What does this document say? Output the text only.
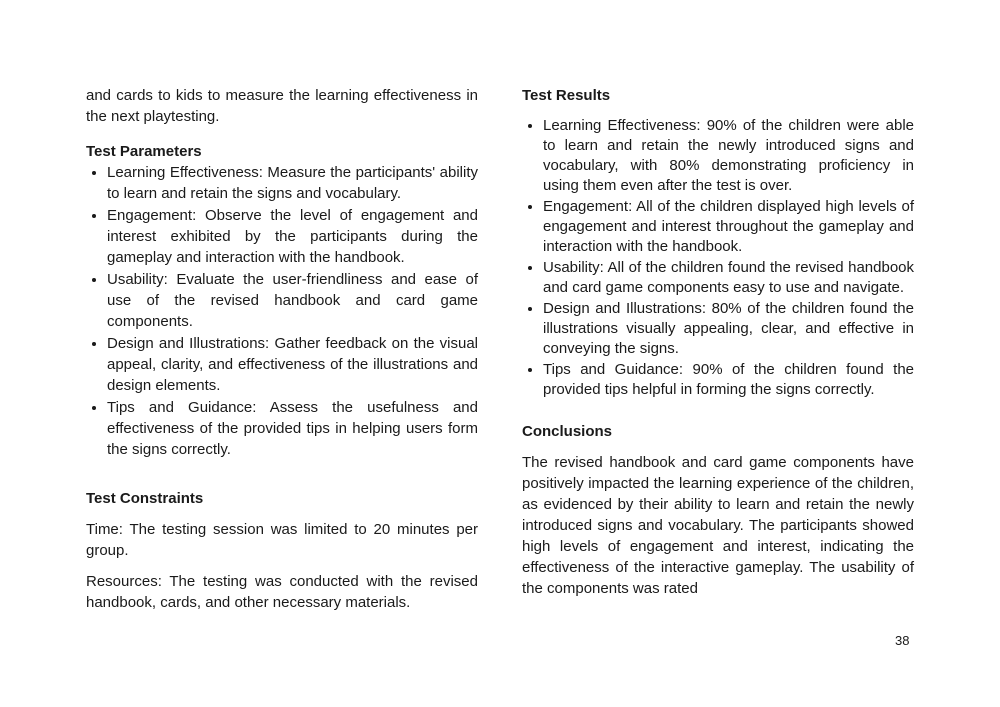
and cards to kids to measure the learning effectiveness in the next playtesting.

Test Parameters
• Learning Effectiveness: Measure the participants' ability to learn and retain the signs and vocabulary.
• Engagement: Observe the level of engagement and interest exhibited by the participants during the gameplay and interaction with the handbook.
• Usability: Evaluate the user-friendliness and ease of use of the revised handbook and card game components.
• Design and Illustrations: Gather feedback on the visual appeal, clarity, and effectiveness of the illustrations and design elements.
• Tips and Guidance: Assess the usefulness and effectiveness of the provided tips in helping users form the signs correctly.
Test Constraints

Time: The testing session was limited to 20 minutes per group.

Resources: The testing was conducted with the revised handbook, cards, and other necessary materials.

Test Results
• Learning Effectiveness: 90% of the children were able to learn and retain the newly introduced signs and vocabulary, with 80% demonstrating proficiency in using them even after the test is over.
• Engagement: All of the children displayed high levels of engagement and interest throughout the gameplay and interaction with the handbook.
• Usability: All of the children found the revised handbook and card game components easy to use and navigate.
• Design and Illustrations: 80% of the children found the illustrations visually appealing, clear, and effective in conveying the signs.
• Tips and Guidance: 90% of the children found the provided tips helpful in forming the signs correctly.
Conclusions

The revised handbook and card game components have positively impacted the learning experience of the children, as evidenced by their ability to learn and retain the newly introduced signs and vocabulary. The participants showed high levels of engagement and interest, indicating the effectiveness of the interactive gameplay. The usability of the components was rated

38
